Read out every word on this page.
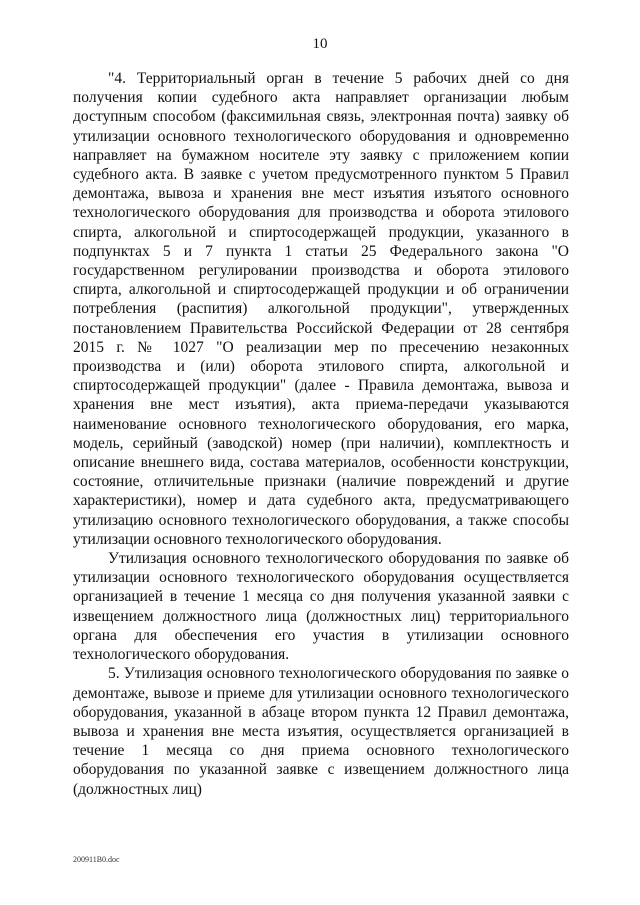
10

"4. Территориальный орган в течение 5 рабочих дней со дня получения копии судебного акта направляет организации любым доступным способом (факсимильная связь, электронная почта) заявку об утилизации основного технологического оборудования и одновременно направляет на бумажном носителе эту заявку с приложением копии судебного акта. В заявке с учетом предусмотренного пунктом 5 Правил демонтажа, вывоза и хранения вне мест изъятия изъятого основного технологического оборудования для производства и оборота этилового спирта, алкогольной и спиртосодержащей продукции, указанного в подпунктах 5 и 7 пункта 1 статьи 25 Федерального закона "О государственном регулировании производства и оборота этилового спирта, алкогольной и спиртосодержащей продукции и об ограничении потребления (распития) алкогольной продукции", утвержденных постановлением Правительства Российской Федерации от 28 сентября 2015 г. № 1027 "О реализации мер по пресечению незаконных производства и (или) оборота этилового спирта, алкогольной и спиртосодержащей продукции" (далее - Правила демонтажа, вывоза и хранения вне мест изъятия), акта приема-передачи указываются наименование основного технологического оборудования, его марка, модель, серийный (заводской) номер (при наличии), комплектность и описание внешнего вида, состава материалов, особенности конструкции, состояние, отличительные признаки (наличие повреждений и другие характеристики), номер и дата судебного акта, предусматривающего утилизацию основного технологического оборудования, а также способы утилизации основного технологического оборудования.

Утилизация основного технологического оборудования по заявке об утилизации основного технологического оборудования осуществляется организацией в течение 1 месяца со дня получения указанной заявки с извещением должностного лица (должностных лиц) территориального органа для обеспечения его участия в утилизации основного технологического оборудования.

5. Утилизация основного технологического оборудования по заявке о демонтаже, вывозе и приеме для утилизации основного технологического оборудования, указанной в абзаце втором пункта 12 Правил демонтажа, вывоза и хранения вне места изъятия, осуществляется организацией в течение 1 месяца со дня приема основного технологического оборудования по указанной заявке с извещением должностного лица (должностных лиц)

200911B0.doc
